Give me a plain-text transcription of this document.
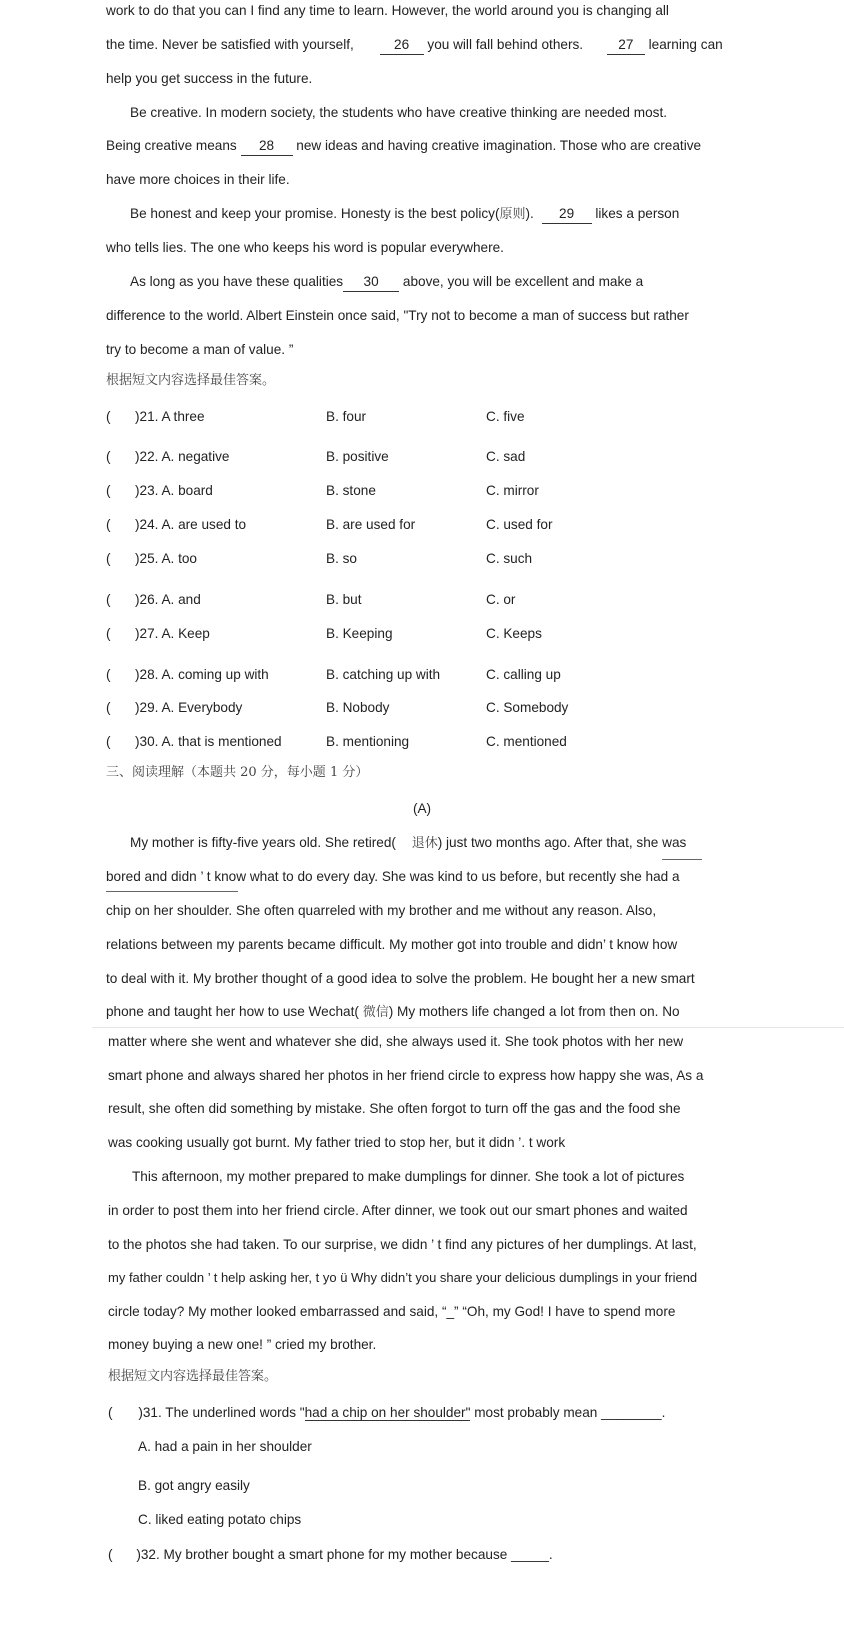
work to do that you can I find any time to learn. However, the world around you is changing all
the time. Never be satisfied with yourself,	26 you will fall behind others.	27 learning can
help you get success in the future.
Be creative. In modern society, the students who have creative thinking are needed most.
Being creative means 28 new ideas and having creative imagination. Those who are creative
have more choices in their life.
Be honest and keep your promise. Honesty is the best policy(原则). 29 likes a person
who tells lies. The one who keeps his word is popular everywhere.
As long as you have these qualities 30 above, you will be excellent and make a
difference to the world. Albert Einstein once said, "Try not to become a man of success but rather
try to become a man of value. ”
根据短文内容选择最佳答案。
( )21. A three	B. four	C. five
( )22. A. negative	B. positive	C. sad
( )23. A. board	B. stone	C. mirror
( )24. A. are used to	B. are used for	C. used for
( )25. A. too	B. so	C. such
( )26. A. and	B. but	C. or
( )27. A. Keep	B. Keeping	C. Keeps
( )28. A. coming up with	B. catching up with	C. calling up
( )29. A. Everybody	B. Nobody	C. Somebody
( )30. A. that is mentioned	B. mentioning	C. mentioned
三、阅读理解（本题共 20 分，每小题 1 分）
(A)
My mother is fifty-five years old. She retired( 退休) just two months ago. After that, she was
bored and didn ’ t know what to do every day. She was kind to us before, but recently she had a
chip on her shoulder. She often quarreled with my brother and me without any reason. Also,
relations between my parents became difficult. My mother got into trouble and didn’ t know how
to deal with it. My brother thought of a good idea to solve the problem. He bought her a new smart
phone and taught her how to use Wechat( 微信) My mothers life changed a lot from then on. No
matter where she went and whatever she did, she always used it. She took photos with her new
smart phone and always shared her photos in her friend circle to express how happy she was, As a
result, she often did something by mistake. She often forgot to turn off the gas and the food she
was cooking usually got burnt. My father tried to stop her, but it didn ’. t work
This afternoon, my mother prepared to make dumplings for dinner. She took a lot of pictures
in order to post them into her friend circle. After dinner, we took out our smart phones and waited
to the photos she had taken. To our surprise, we didn ’ t find any pictures of her dumplings. At last,
my father couldn ’ t help asking her, t yo ü Why didn’t you share your delicious dumplings in your friend
circle today? My mother looked embarrassed and said, “_” “Oh, my God! I have to spend more
money buying a new one! ” cried my brother.
根据短文内容选择最佳答案。
( )31. The underlined words "had a chip on her shoulder" most probably mean ________.
A. had a pain in her shoulder
B. got angry easily
C. liked eating potato chips
( )32. My brother bought a smart phone for my mother because _____.
